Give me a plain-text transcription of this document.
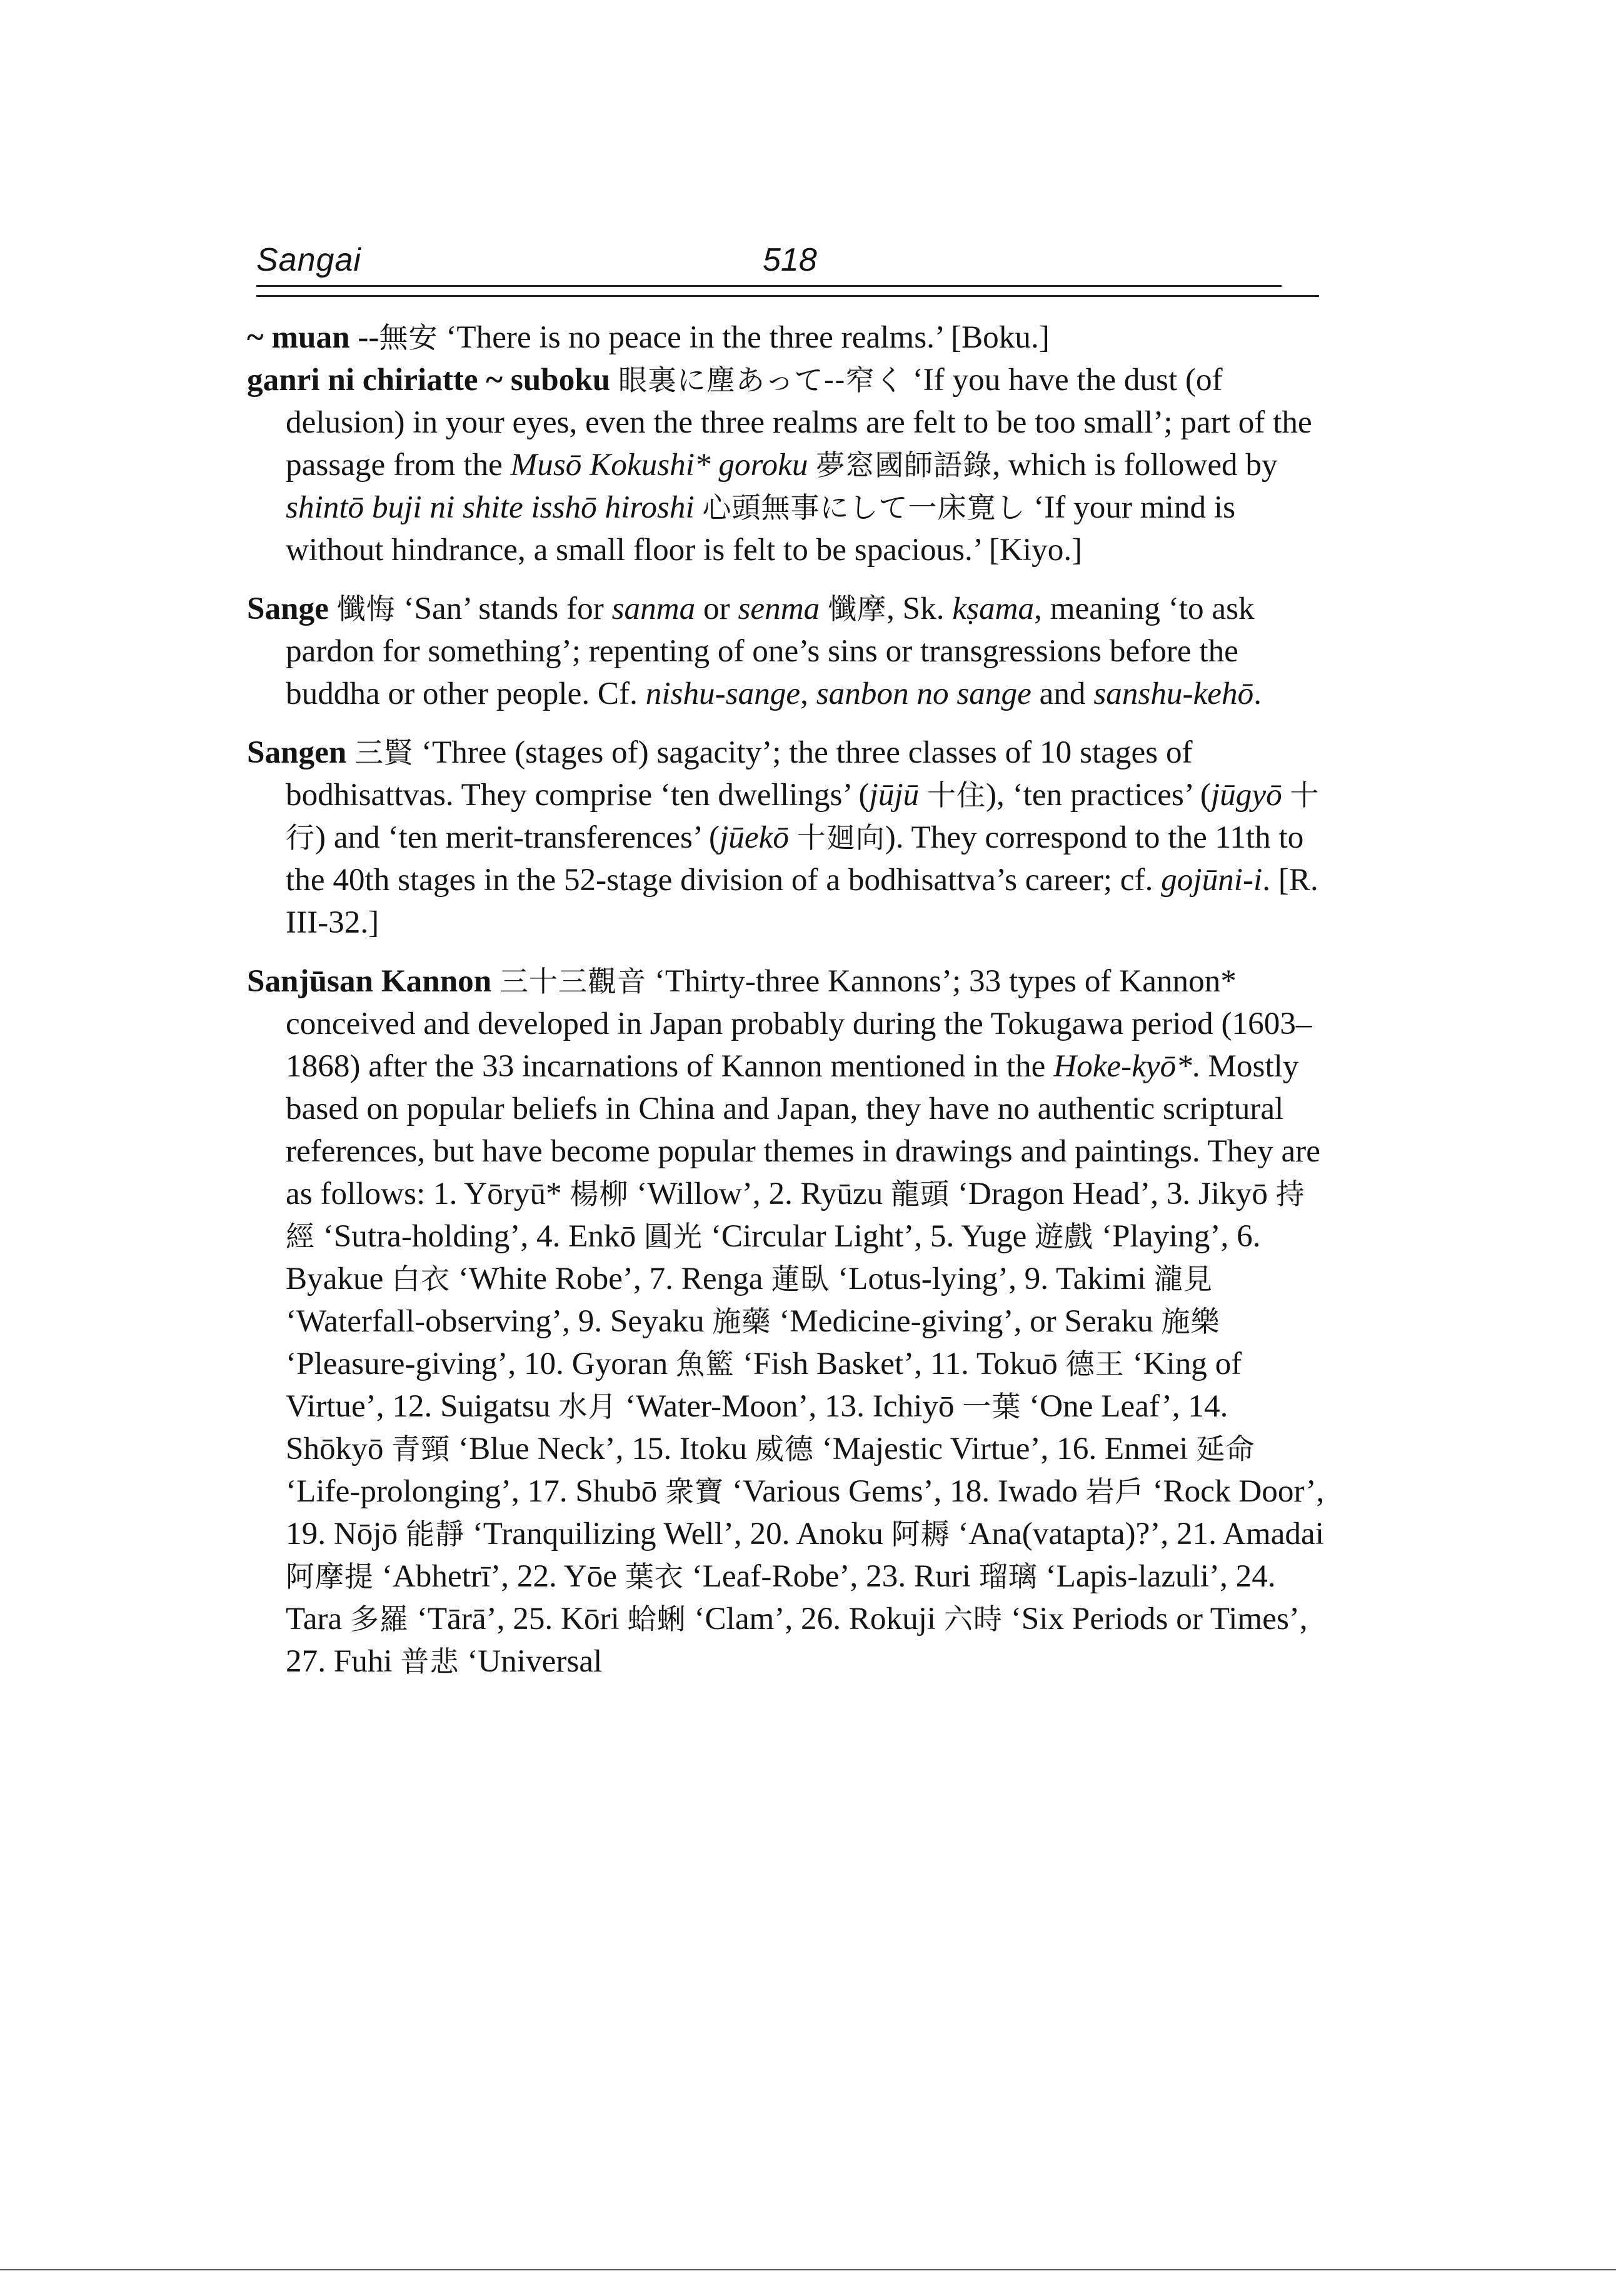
Sangai	518

~ muan --無安 ‘There is no peace in the three realms.’ [Boku.]

ganri ni chiriatte ~ suboku 眼裏に塵あって--窄く ‘If you have the dust (of delusion) in your eyes, even the three realms are felt to be too small’; part of the passage from the Musō Kokushi* goroku 夢窓國師語錄, which is followed by shintō buji ni shite isshō hiroshi 心頭無事にして一床寛し ‘If your mind is without hindrance, a small floor is felt to be spacious.’ [Kiyo.]

Sange 懺悔 ‘San’ stands for sanma or senma 懺摩, Sk. kṣama, meaning ‘to ask pardon for something’; repenting of one’s sins or transgressions before the buddha or other people. Cf. nishu-sange, sanbon no sange and sanshu-kehō.

Sangen 三賢 ‘Three (stages of) sagacity’; the three classes of 10 stages of bodhisattvas. They comprise ‘ten dwellings’ (jūjū 十住), ‘ten practices’ (jūgyō 十行) and ‘ten merit-transferences’ (jūekō 十廻向). They correspond to the 11th to the 40th stages in the 52-stage division of a bodhisattva’s career; cf. gojūni-i. [R. III-32.]

Sanjūsan Kannon 三十三觀音 ‘Thirty-three Kannons’; 33 types of Kannon* conceived and developed in Japan probably during the Tokugawa period (1603–1868) after the 33 incarnations of Kannon mentioned in the Hoke-kyō*. Mostly based on popular beliefs in China and Japan, they have no authentic scriptural references, but have become popular themes in drawings and paintings. They are as follows: 1. Yōryū* 楊柳 ‘Willow’, 2. Ryūzu 龍頭 ‘Dragon Head’, 3. Jikyō 持經 ‘Sutra-holding’, 4. Enkō 圓光 ‘Circular Light’, 5. Yuge 遊戲 ‘Playing’, 6. Byakue 白衣 ‘White Robe’, 7. Renga 蓮臥 ‘Lotus-lying’, 9. Takimi 瀧見 ‘Waterfall-observing’, 9. Seyaku 施藥 ‘Medicine-giving’, or Seraku 施樂 ‘Pleasure-giving’, 10. Gyoran 魚籃 ‘Fish Basket’, 11. Tokuō 德王 ‘King of Virtue’, 12. Suigatsu 水月 ‘Water-Moon’, 13. Ichiyō 一葉 ‘One Leaf’, 14. Shōkyō 青頸 ‘Blue Neck’, 15. Itoku 威德 ‘Majestic Virtue’, 16. Enmei 延命 ‘Life-prolonging’, 17. Shubō 衆寶 ‘Various Gems’, 18. Iwado 岩戶 ‘Rock Door’, 19. Nōjō 能靜 ‘Tranquilizing Well’, 20. Anoku 阿耨 ‘Ana(vatapta)?’, 21. Amadai 阿摩提 ‘Abhetrī’, 22. Yōe 葉衣 ‘Leaf-Robe’, 23. Ruri 瑠璃 ‘Lapis-lazuli’, 24. Tara 多羅 ‘Tārā’, 25. Kōri 蛤蜊 ‘Clam’, 26. Rokuji 六時 ‘Six Periods or Times’, 27. Fuhi 普悲 ‘Universal
